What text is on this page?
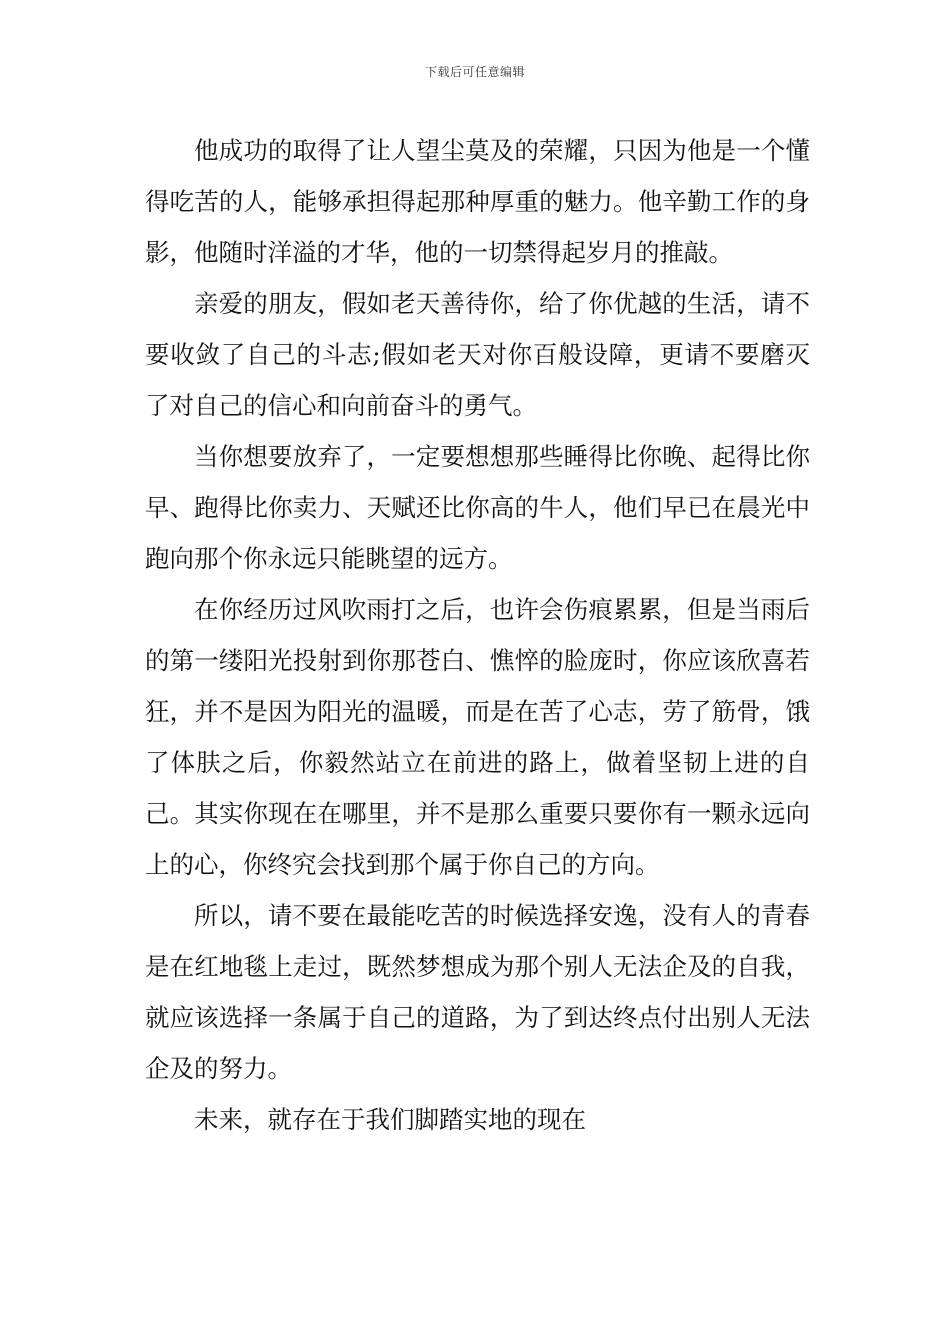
下载后可任意编辑

他成功的取得了让人望尘莫及的荣耀，只因为他是一个懂得吃苦的人，能够承担得起那种厚重的魅力。他辛勤工作的身影，他随时洋溢的才华，他的一切禁得起岁月的推敲。

亲爱的朋友，假如老天善待你，给了你优越的生活，请不要收敛了自己的斗志;假如老天对你百般设障，更请不要磨灭了对自己的信心和向前奋斗的勇气。

当你想要放弃了，一定要想想那些睡得比你晚、起得比你早、跑得比你卖力、天赋还比你高的牛人，他们早已在晨光中跑向那个你永远只能眺望的远方。

在你经历过风吹雨打之后，也许会伤痕累累，但是当雨后的第一缕阳光投射到你那苍白、憔悴的脸庞时，你应该欣喜若狂，并不是因为阳光的温暖，而是在苦了心志，劳了筋骨，饿了体肤之后，你毅然站立在前进的路上，做着坚韧上进的自己。其实你现在在哪里，并不是那么重要只要你有一颗永远向上的心，你终究会找到那个属于你自己的方向。

所以，请不要在最能吃苦的时候选择安逸，没有人的青春是在红地毯上走过，既然梦想成为那个别人无法企及的自我，就应该选择一条属于自己的道路，为了到达终点付出别人无法企及的努力。

未来，就存在于我们脚踏实地的现在
